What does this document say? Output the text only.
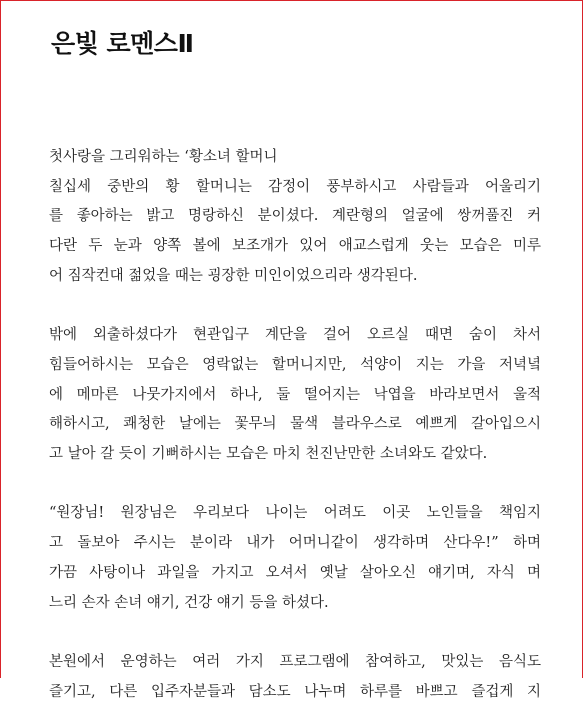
은빛 로멘스Ⅱ
첫사랑을 그리워하는 ‘황소녀 할머니
칠십세 중반의 황 할머니는 감정이 풍부하시고 사람들과 어울리기
를 좋아하는 밝고 명랑하신 분이셨다. 계란형의 얼굴에 쌍꺼풀진 커
다란 두 눈과 양쪽 볼에 보조개가 있어 애교스럽게 웃는 모습은 미루
어 짐작컨대 젊었을 때는 굉장한 미인이었으리라 생각된다.
밖에 외출하셨다가 현관입구 계단을 걸어 오르실 때면 숨이 차서
힘들어하시는 모습은 영락없는 할머니지만, 석양이 지는 가을 저녁녘
에 메마른 나뭇가지에서 하나, 둘 떨어지는 낙엽을 바라보면서 울적
해하시고, 쾌청한 날에는 꽃무늬 물색 블라우스로 예쁘게 갈아입으시
고 날아 갈 듯이 기뻐하시는 모습은 마치 천진난만한 소녀와도 같았다.
“원장님! 원장님은 우리보다 나이는 어려도 이곳 노인들을 책임지
고 돌보아 주시는 분이라 내가 어머니같이 생각하며 산다우!” 하며
가끔 사탕이나 과일을 가지고 오셔서 옛날 살아오신 얘기며, 자식 며
느리 손자 손녀 얘기, 건강 얘기 등을 하셨다.
본원에서 운영하는 여러 가지 프로그램에 참여하고, 맛있는 음식도
즐기고, 다른 입주자분들과 담소도 나누며 하루를 바쁘고 즐겁게 지
